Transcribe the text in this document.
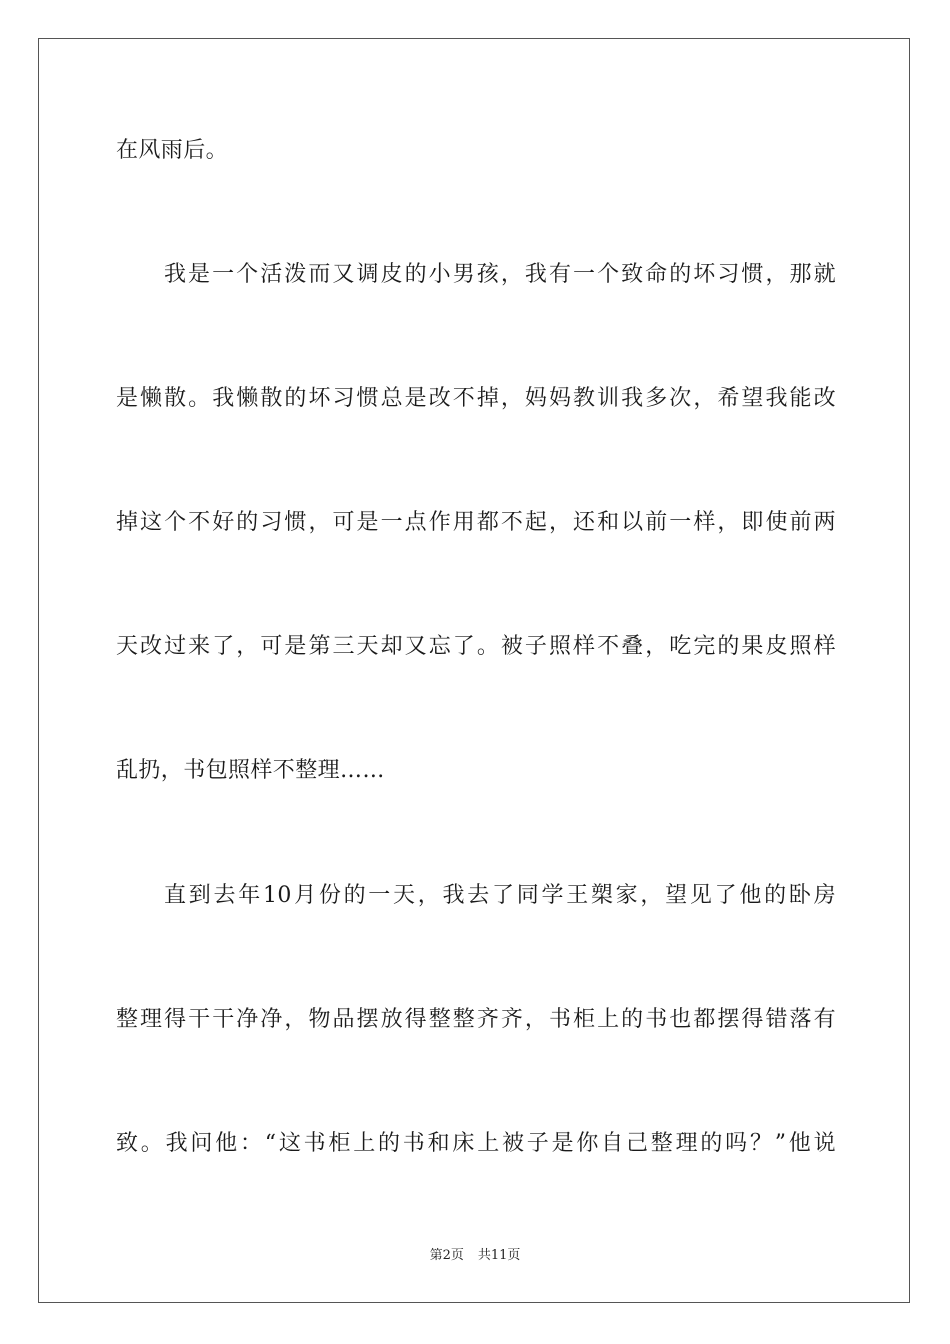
在风雨后。
我是一个活泼而又调皮的小男孩，我有一个致命的坏习惯，那就
是懒散。我懒散的坏习惯总是改不掉，妈妈教训我多次，希望我能改
掉这个不好的习惯，可是一点作用都不起，还和以前一样，即使前两
天改过来了，可是第三天却又忘了。被子照样不叠，吃完的果皮照样
乱扔，书包照样不整理……
直到去年10月份的一天，我去了同学王槊家，望见了他的卧房
整理得干干净净，物品摆放得整整齐齐，书柜上的书也都摆得错落有
致。我问他：“这书柜上的书和床上被子是你自己整理的吗？”他说
第2页 共11页
